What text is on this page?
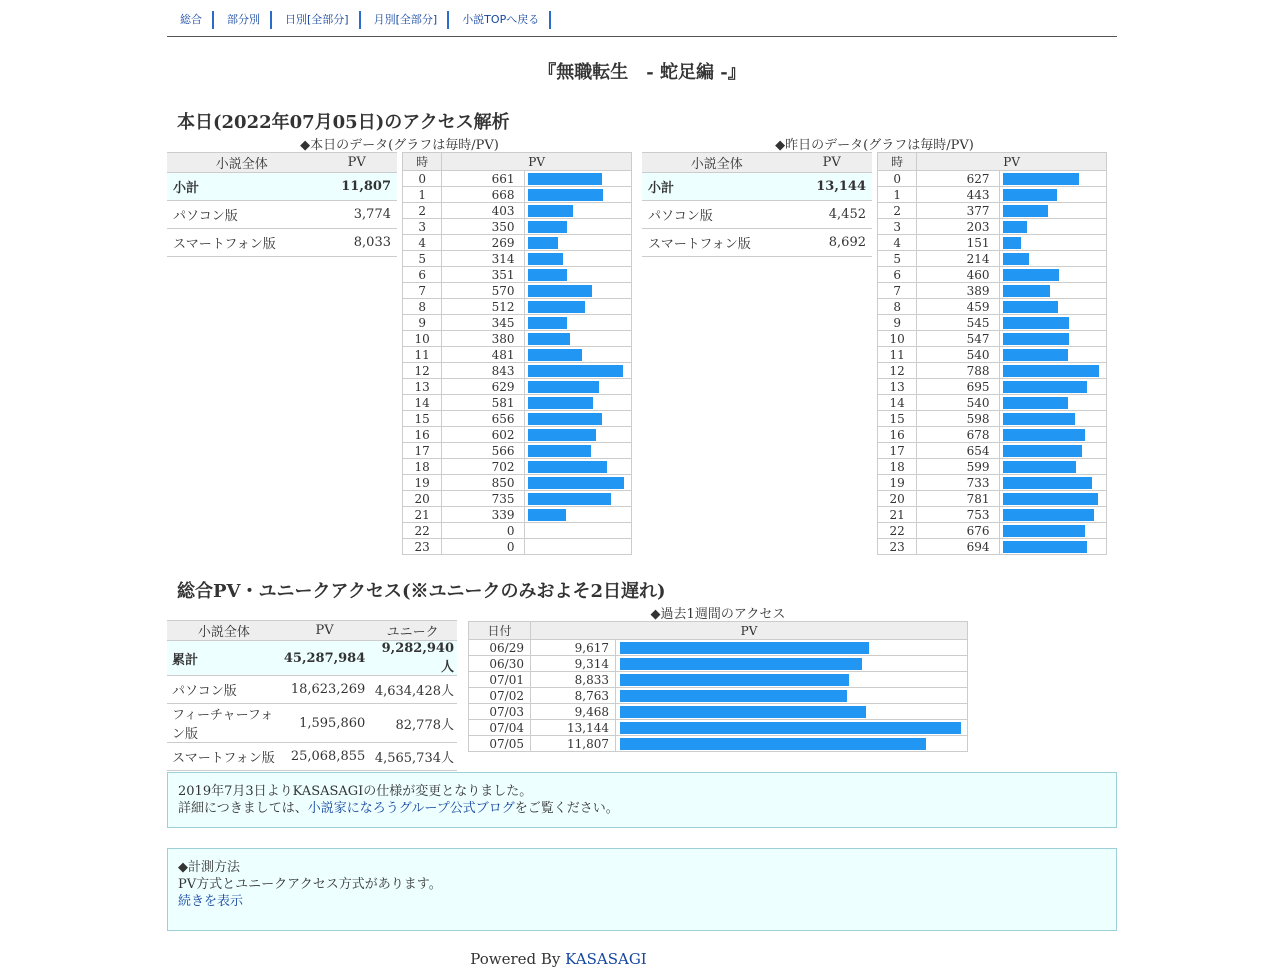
総合	部分別	日別[全部分]	月別[全部分]	小説TOPへ戻る
『無職転生　- 蛇足編 -』
本日(2022年07月05日)のアクセス解析
◆本日のデータ(グラフは毎時/PV)
小説全体	PV
小計	11,807
パソコン版	3,774
スマートフォン版	8,033
時	PV	
0	661	

1	668	

2	403	

3	350	

4	269	

5	314	

6	351	

7	570	

8	512	

9	345	

10	380	

11	481	

12	843	

13	629	

14	581	

15	656	

16	602	

17	566	

18	702	

19	850	

20	735	

21	339	

22	0	
23	0	
◆昨日のデータ(グラフは毎時/PV)
小説全体	PV
小計	13,144
パソコン版	4,452
スマートフォン版	8,692
時	PV	
0	627	

1	443	

2	377	

3	203	

4	151	

5	214	

6	460	

7	389	

8	459	

9	545	

10	547	

11	540	

12	788	

13	695	

14	540	

15	598	

16	678	

17	654	

18	599	

19	733	

20	781	

21	753	

22	676	

23	694	
総合PV・ユニークアクセス(※ユニークのみおよそ2日遅れ)
小説全体	PV	ユニーク
累計	45,287,984	9,282,940人
パソコン版	18,623,269	4,634,428人
フィーチャーフォン版	1,595,860	82,778人
スマートフォン版	25,068,855	4,565,734人
◆過去1週間のアクセス
日付	PV	
06/29	9,617	

06/30	9,314	

07/01	8,833	

07/02	8,763	

07/03	9,468	

07/04	13,144	

07/05	11,807	
2019年7月3日よりKASASAGIの仕様が変更となりました。
詳細につきましては、小説家になろうグループ公式ブログをご覧ください。
◆計測方法
PV方式とユニークアクセス方式があります。
続きを表示
Powered By KASASAGI
